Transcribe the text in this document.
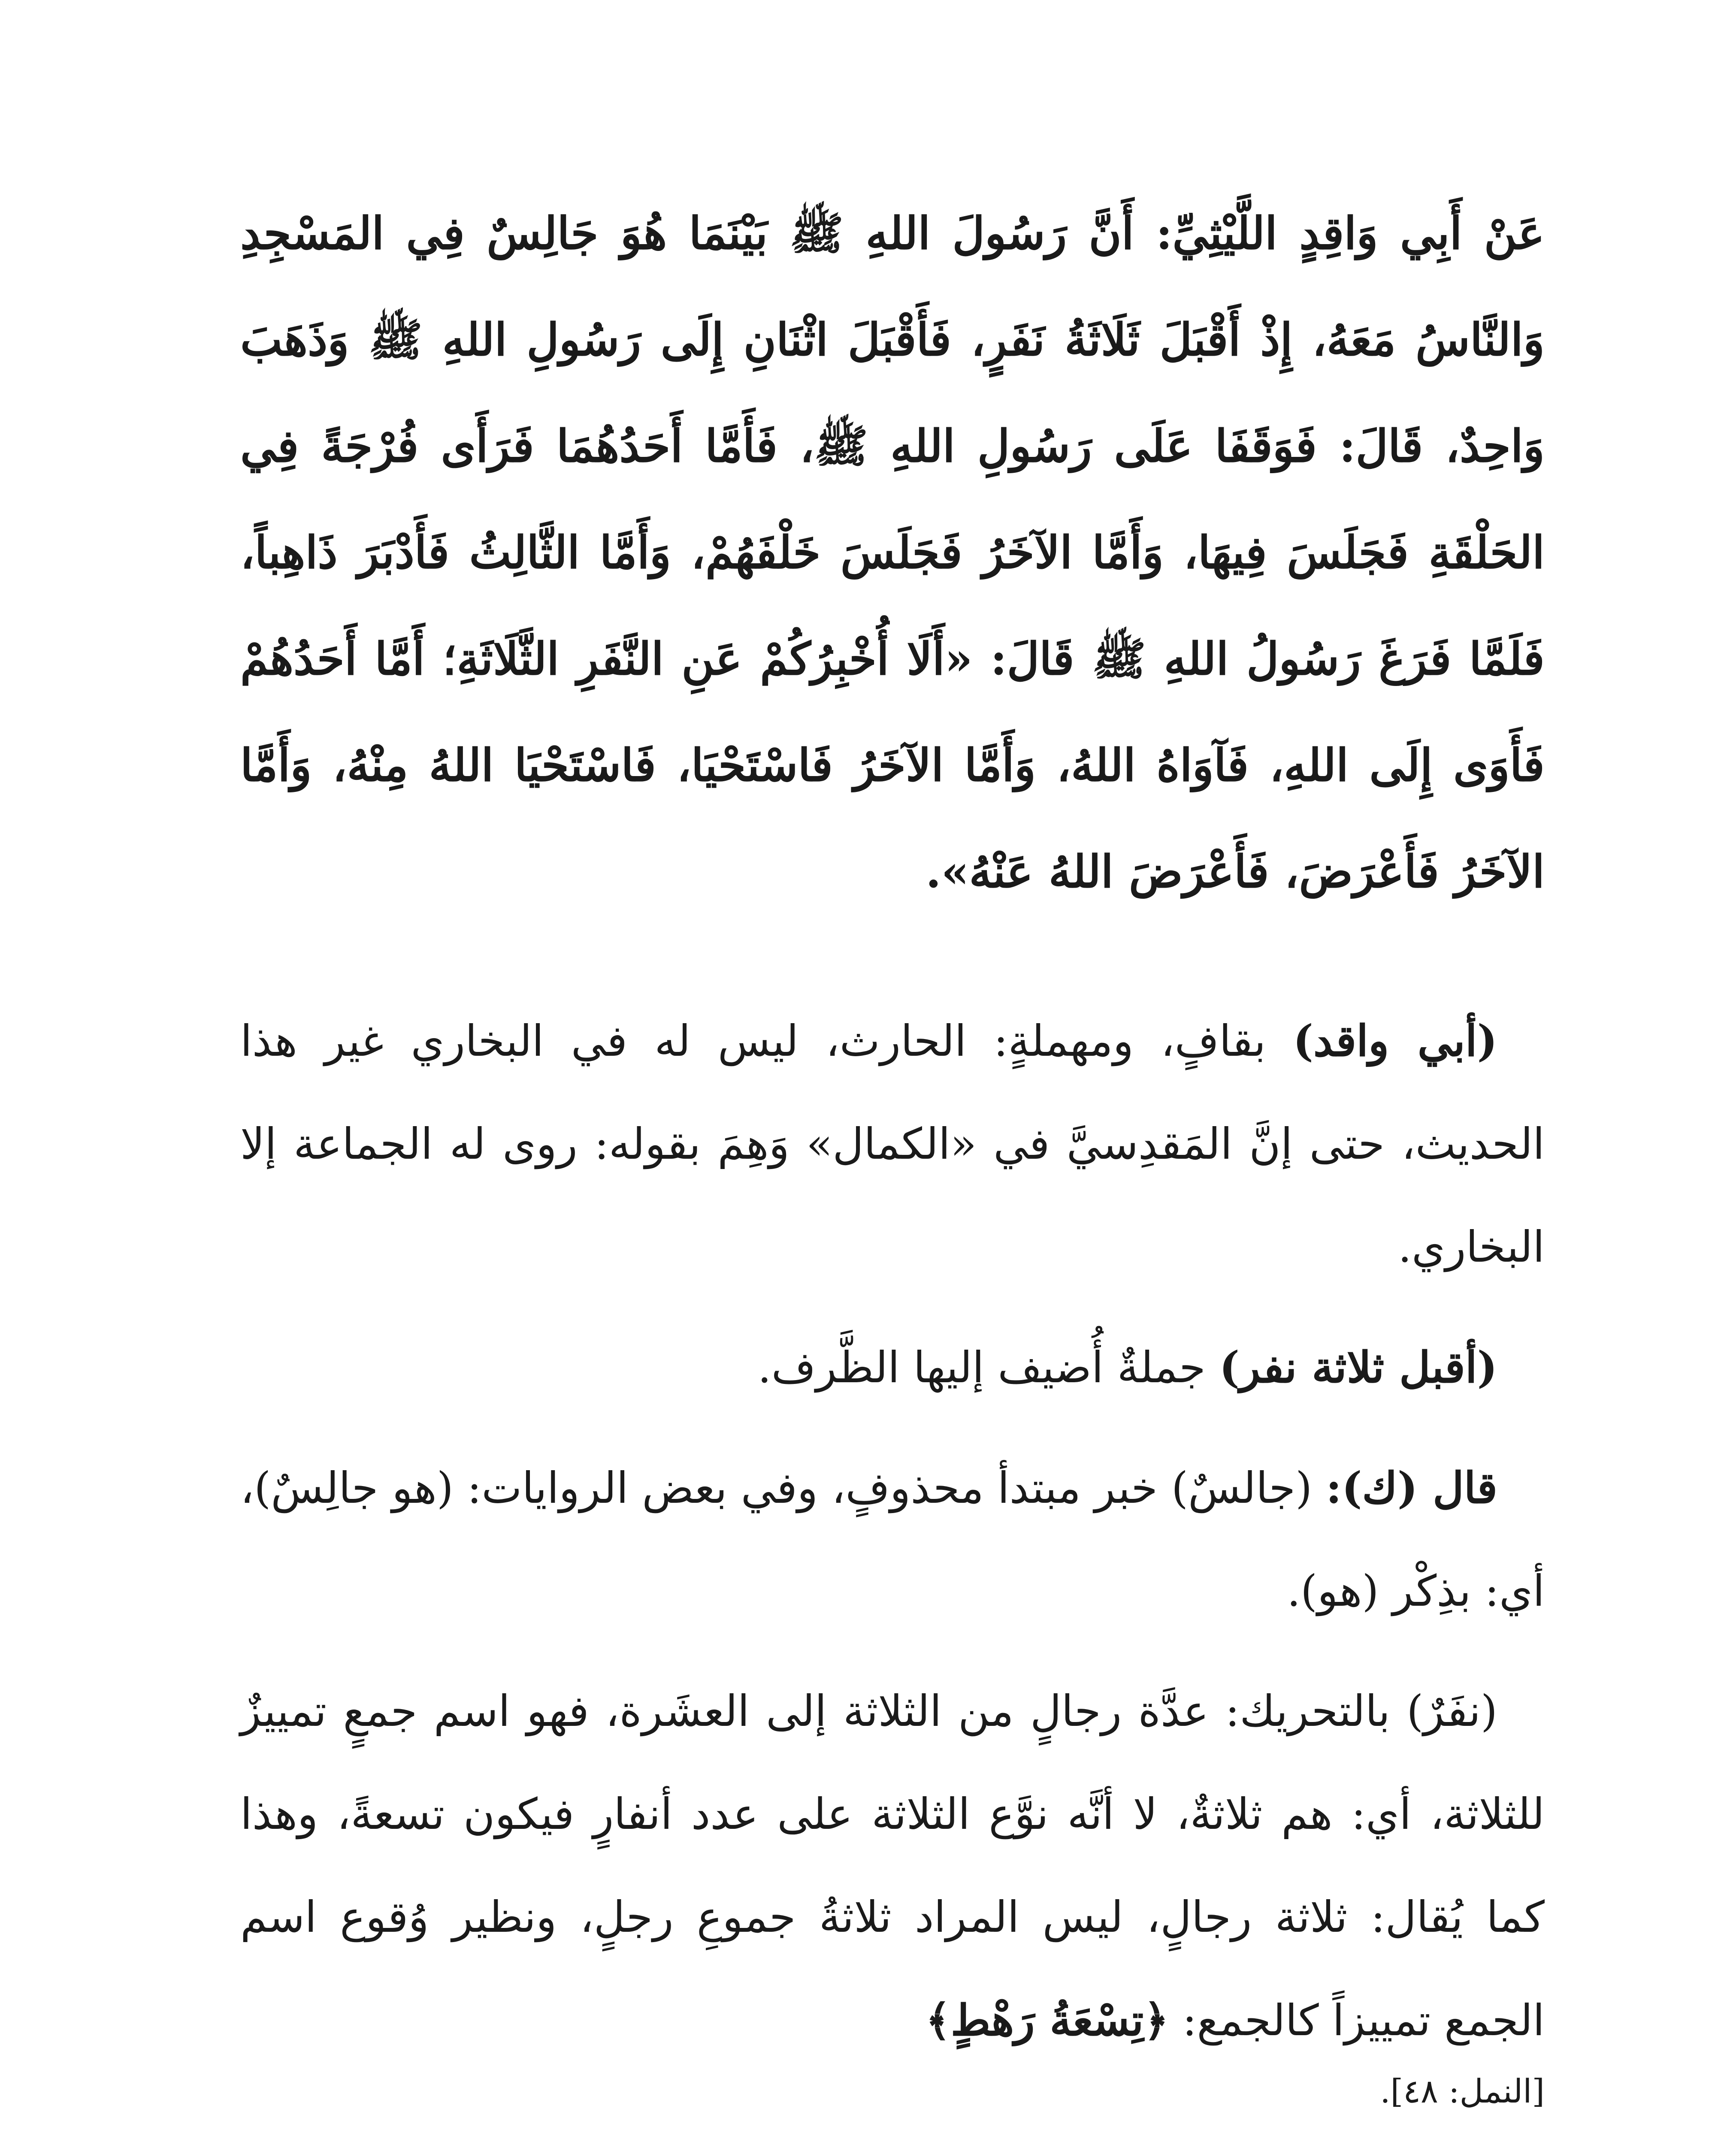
عَنْ أَبِي وَاقِدٍ اللَّيْثِيِّ: أَنَّ رَسُولَ اللهِ ﷺ بَيْنَمَا هُوَ جَالِسٌ فِي المَسْجِدِ وَالنَّاسُ مَعَهُ، إِذْ أَقْبَلَ ثَلَاثَةُ نَفَرٍ، فَأَقْبَلَ اثْنَانِ إِلَى رَسُولِ اللهِ ﷺ وَذَهَبَ وَاحِدٌ، قَالَ: فَوَقَفَا عَلَى رَسُولِ اللهِ ﷺ، فَأَمَّا أَحَدُهُمَا فَرَأَى فُرْجَةً فِي الحَلْقَةِ فَجَلَسَ فِيهَا، وَأَمَّا الآخَرُ فَجَلَسَ خَلْفَهُمْ، وَأَمَّا الثَّالِثُ فَأَدْبَرَ ذَاهِباً، فَلَمَّا فَرَغَ رَسُولُ اللهِ ﷺ قَالَ: «أَلَا أُخْبِرُكُمْ عَنِ النَّفَرِ الثَّلَاثَةِ؛ أَمَّا أَحَدُهُمْ فَأَوَى إِلَى اللهِ، فَآوَاهُ اللهُ، وَأَمَّا الآخَرُ فَاسْتَحْيَا، فَاسْتَحْيَا اللهُ مِنْهُ، وَأَمَّا الآخَرُ فَأَعْرَضَ، فَأَعْرَضَ اللهُ عَنْهُ».

(أبي واقد) بقافٍ، ومهملةٍ: الحارث، ليس له في البخاري غير هذا الحديث، حتى إنَّ المَقدِسيَّ في «الكمال» وَهِمَ بقوله: روى له الجماعة إلا البخاري.

(أقبل ثلاثة نفر) جملةٌ أُضيف إليها الظَّرف.

قال (ك): (جالسٌ) خبر مبتدأ محذوفٍ، وفي بعض الروايات: (هو جالِسٌ)، أي: بذِكْر (هو).

(نفَرٌ) بالتحريك: عدَّة رجالٍ من الثلاثة إلى العشَرة، فهو اسم جمعٍ تمييزٌ للثلاثة، أي: هم ثلاثةٌ، لا أنَّه نوَّع الثلاثة على عدد أنفارٍ فيكون تسعةً، وهذا كما يُقال: ثلاثة رجالٍ، ليس المراد ثلاثةُ جموعِ رجلٍ، ونظير وُقوع اسم الجمع تمييزاً كالجمع: ﴿تِسْعَةُ رَهْطٍ﴾
[النمل: ٤٨].
